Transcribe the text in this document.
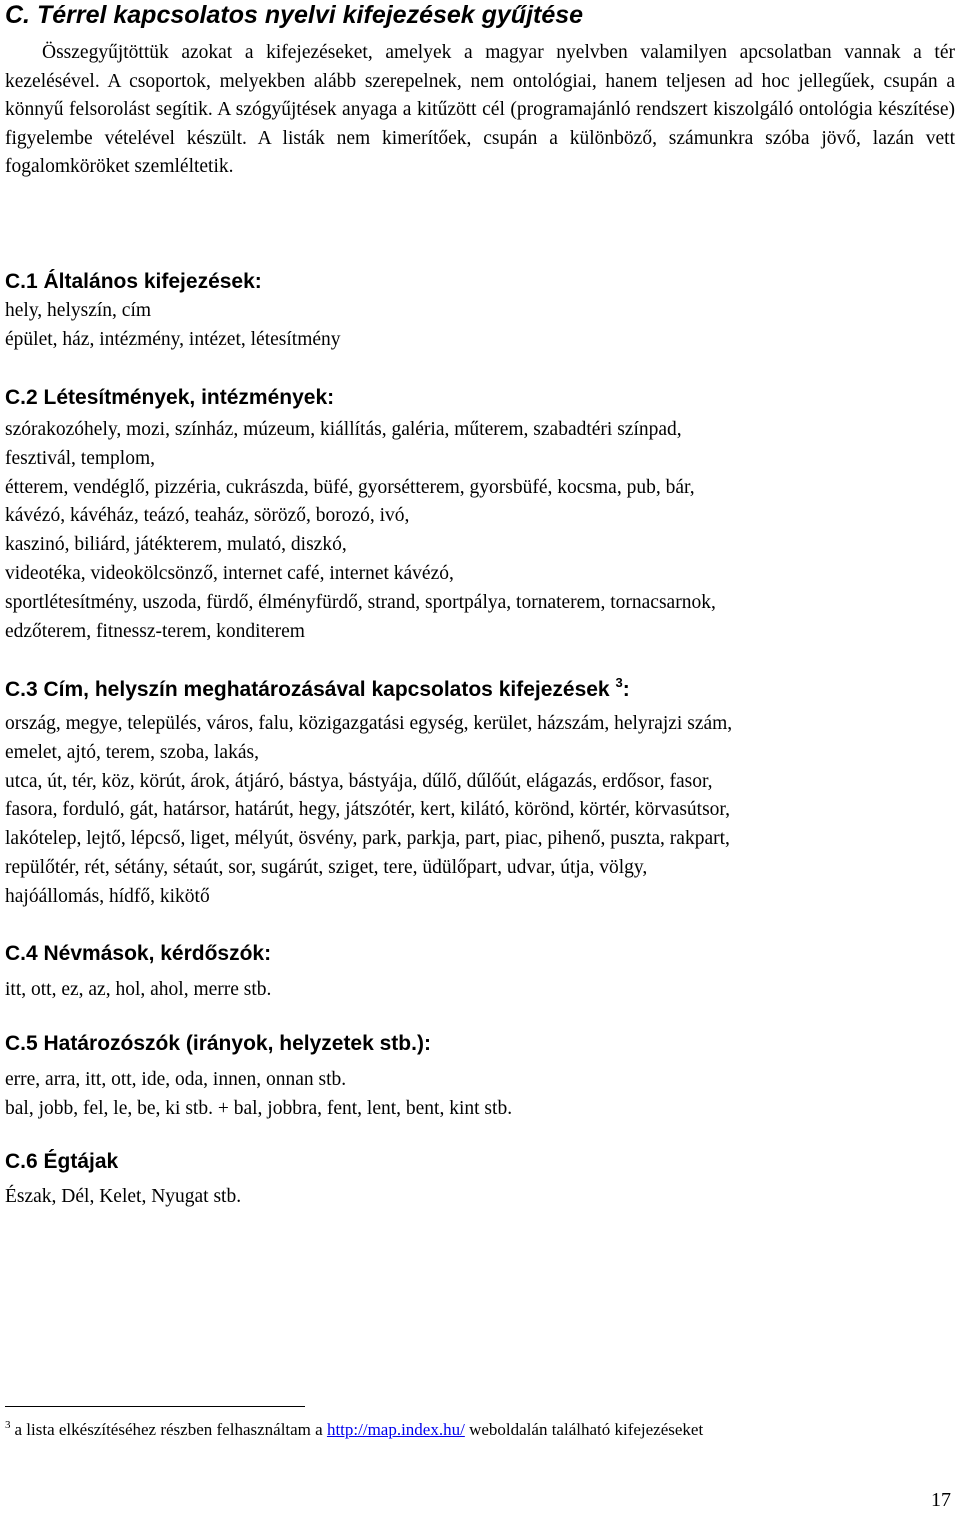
C. Térrel kapcsolatos nyelvi kifejezések gyűjtése

Összegyűjtöttük azokat a kifejezéseket, amelyek a magyar nyelvben valamilyen apcsolatban vannak a tér kezelésével. A csoportok, melyekben alább szerepelnek, nem ontológiai, hanem teljesen ad hoc jellegűek, csupán a könnyű felsorolást segítik. A szógyűjtések anyaga a kitűzött cél (programajánló rendszert kiszolgáló ontológia készítése) figyelembe vételével készült. A listák nem kimerítőek, csupán a különböző, számunkra szóba jövő, lazán vett fogalomköröket szemléltetik.

C.1 Általános kifejezések:
hely, helyszín, cím
épület, ház, intézmény, intézet, létesítmény
C.2 Létesítmények, intézmények:
szórakozóhely, mozi, színház, múzeum, kiállítás, galéria, műterem, szabadtéri színpad,
fesztivál, templom,
étterem, vendéglő, pizzéria, cukrászda, büfé, gyorsétterem, gyorsbüfé, kocsma, pub, bár,
kávézó, kávéház, teázó, teaház, söröző, borozó, ivó,
kaszinó, biliárd, játékterem, mulató, diszkó,
videotéka, videokölcsönző, internet café, internet kávézó,
sportlétesítmény, uszoda, fürdő, élményfürdő, strand, sportpálya, tornaterem, tornacsarnok,
edzőterem, fitnessz-terem, konditerem
C.3 Cím, helyszín meghatározásával kapcsolatos kifejezések $^3$:
ország, megye, település, város, falu, közigazgatási egység, kerület, házszám, helyrajzi szám,
emelet, ajtó, terem, szoba, lakás,
utca, út, tér, köz, körút, árok, átjáró, bástya, bástyája, dűlő, dűlőút, elágazás, erdősor, fasor,
fasora, forduló, gát, határsor, határút, hegy, játszótér, kert, kilátó, körönd, körtér, körvasútsor,
lakótelep, lejtő, lépcső, liget, mélyút, ösvény, park, parkja, part, piac, pihenő, puszta, rakpart,
repülőtér, rét, sétány, sétaút, sor, sugárút, sziget, tere, üdülőpart, udvar, útja, völgy,
hajóállomás, hídfő, kikötő
C.4 Névmások, kérdőszók:
itt, ott, ez, az, hol, ahol, merre stb.
C.5 Határozószók (irányok, helyzetek stb.):
erre, arra, itt, ott, ide, oda, innen, onnan stb.
bal, jobb, fel, le, be, ki stb. + bal, jobbra, fent, lent, bent, kint stb.
C.6 Égtájak
Észak, Dél, Kelet, Nyugat stb.
$^3$ a lista elkészítéséhez részben felhasználtam a http://map.index.hu/ weboldalán található kifejezéseket
17
